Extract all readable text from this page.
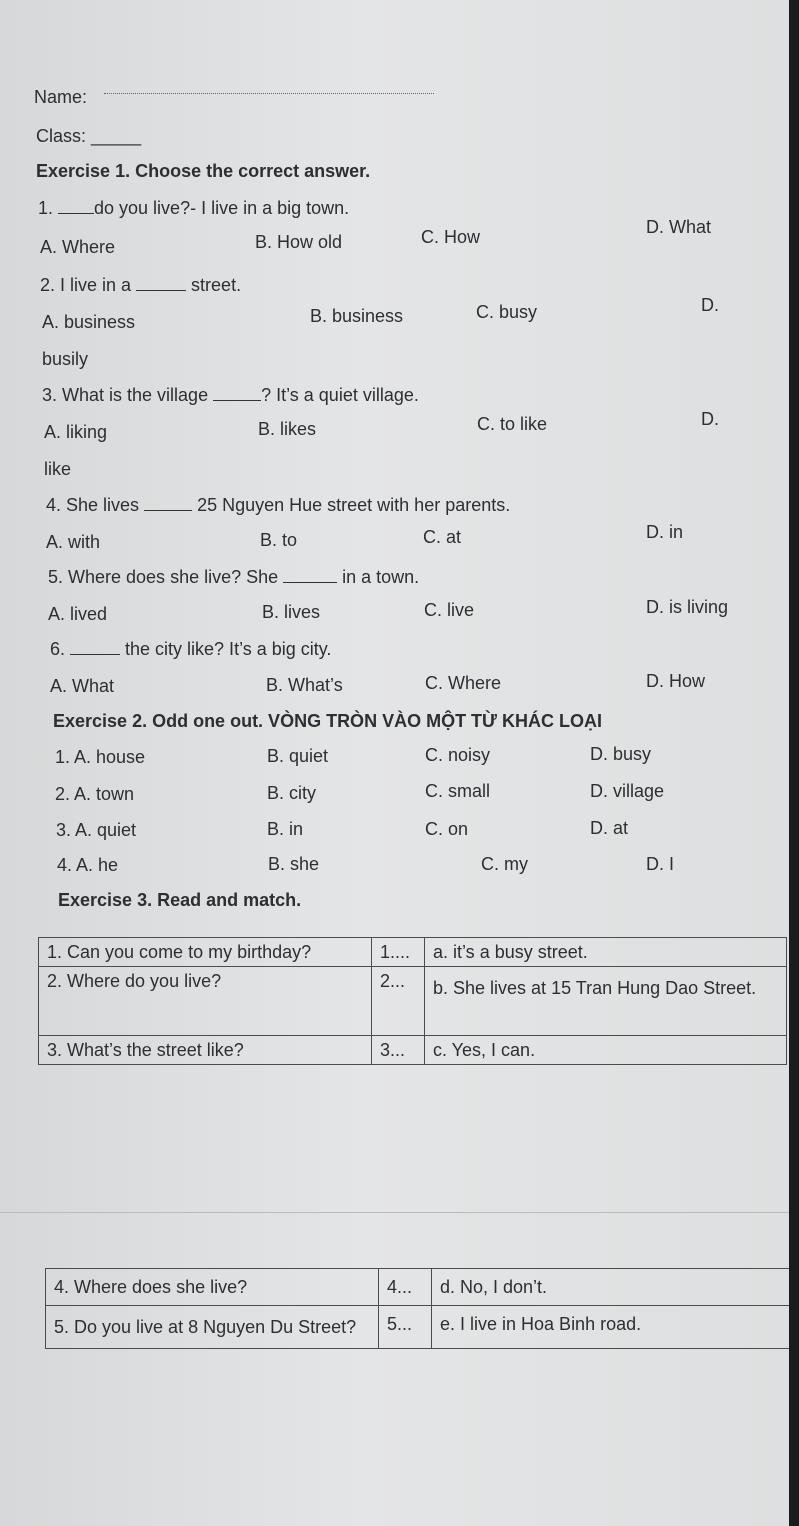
Name:
Class: _____
Exercise 1. Choose the correct answer.
1. do you live?- I live in a big town.
A. Where	B. How old	C. How	D. What
2. I live in a	street.
A. business	B. business	C. busy	D.
busily
3. What is the village	? It’s a quiet village.
A. liking	B. likes	C. to like	D.
like
4. She lives	25 Nguyen Hue street with her parents.
A. with	B. to	C. at	D. in
5. Where does she live? She	in a town.
A. lived	B. lives	C. live	D. is living
6.	the city like? It’s a big city.
A. What	B. What’s	C. Where	D. How
Exercise 2. Odd one out. VÒNG TRÒN VÀO MỘT TỪ KHÁC LOẠI
1. A. house	B. quiet	C. noisy	D. busy
2. A. town	B. city	C. small	D. village
3. A. quiet	B. in	C. on	D. at
4. A. he	B. she	C. my	D. I
Exercise 3. Read and match.
1. Can you come to my birthday?	1....	a. it’s a busy street.
2. Where do you live?	2...	b. She lives at 15 Tran Hung Dao Street.
3. What’s the street like?	3...	c. Yes, I can.
4. Where does she live?	4...	d. No, I don’t.
5. Do you live at 8 Nguyen Du Street?	5...	e. I live in Hoa Binh road.
